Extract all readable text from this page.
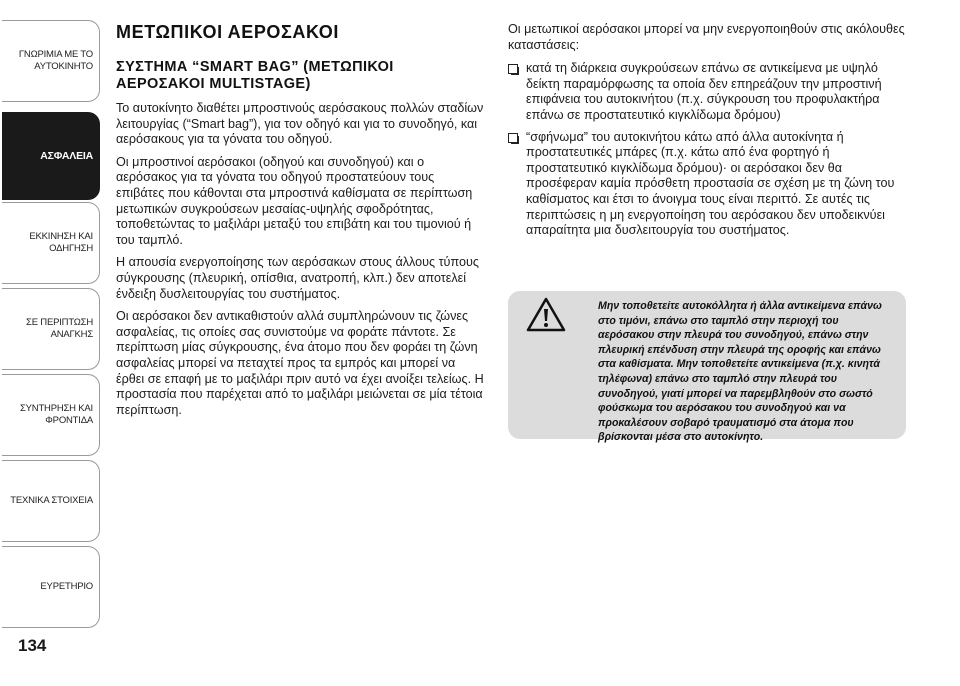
ΓΝΩΡΙΜΙΑ ΜΕ ΤΟ
ΑΥΤΟΚΙΝΗΤΟ
ΑΣΦΑΛΕΙΑ
ΕΚΚΙΝΗΣΗ ΚΑΙ
ΟΔΗΓΗΣΗ
ΣΕ ΠΕΡΙΠΤΩΣΗ
ΑΝΑΓΚΗΣ
ΣΥΝΤΗΡΗΣΗ ΚΑΙ
ΦΡΟΝΤΙΔΑ
ΤΕΧΝΙΚΑ ΣΤΟΙΧΕΙΑ
ΕΥΡΕΤΗΡΙΟ
134
ΜΕΤΩΠΙΚΟΙ ΑΕΡΟΣΑΚΟΙ
ΣΥΣΤΗΜΑ “SMART BAG” (ΜΕΤΩΠΙΚΟΙ ΑΕΡΟΣΑΚΟΙ MULTISTAGE)

Το αυτοκίνητο διαθέτει μπροστινούς αερόσακους πολλών σταδίων λειτουργίας (“Smart bag”), για τον οδηγό και για το συνοδηγό, και αερόσακους για τα γόνατα του οδηγού.

Οι μπροστινοί αερόσακοι (οδηγού και συνοδηγού) και ο αερόσακος για τα γόνατα του οδηγού προστατεύουν τους επιβάτες που κάθονται στα μπροστινά καθίσματα σε περίπτωση μετωπικών συγκρούσεων μεσαίας-υψηλής σφοδρότητας, τοποθετώντας το μαξιλάρι μεταξύ του επιβάτη και του τιμονιού ή του ταμπλό.

Η απουσία ενεργοποίησης των αερόσακων στους άλλους τύπους σύγκρουσης (πλευρική, οπίσθια, ανατροπή, κλπ.) δεν αποτελεί ένδειξη δυσλειτουργίας του συστήματος.

Οι αερόσακοι δεν αντικαθιστούν αλλά συμπληρώνουν τις ζώνες ασφαλείας, τις οποίες σας συνιστούμε να φοράτε πάντοτε. Σε περίπτωση μίας σύγκρουσης, ένα άτομο που δεν φοράει τη ζώνη ασφαλείας μπορεί να πεταχτεί προς τα εμπρός και μπορεί να έρθει σε επαφή με το μαξιλάρι πριν αυτό να έχει ανοίξει τελείως. Η προστασία που παρέχεται από το μαξιλάρι μειώνεται σε μία τέτοια περίπτωση.

Οι μετωπικοί αερόσακοι μπορεί να μην ενεργοποιηθούν στις ακόλουθες καταστάσεις:

κατά τη διάρκεια συγκρούσεων επάνω σε αντικείμενα με υψηλό δείκτη παραμόρφωσης τα οποία δεν επηρεάζουν την μπροστινή επιφάνεια του αυτοκινήτου (π.χ. σύγκρουση του προφυλακτήρα επάνω σε προστατευτικό κιγκλίδωμα δρόμου)
“σφήνωμα” του αυτοκινήτου κάτω από άλλα αυτοκίνητα ή προστατευτικές μπάρες (π.χ. κάτω από ένα φορτηγό ή προστατευτικό κιγκλίδωμα δρόμου)· οι αερόσακοι δεν θα προσέφεραν καμία πρόσθετη προστασία σε σχέση με τη ζώνη του καθίσματος και έτσι το άνοιγμα τους είναι περιττό. Σε αυτές τις περιπτώσεις η μη ενεργοποίηση του αερόσακου δεν υποδεικνύει απαραίτητα μια δυσλειτουργία του συστήματος.
Μην τοποθετείτε αυτοκόλλητα ή άλλα αντικείμενα επάνω στο τιμόνι, επάνω στο ταμπλό στην περιοχή του αερόσακου στην πλευρά του συνοδηγού, επάνω στην πλευρική επένδυση στην πλευρά της οροφής και επάνω στα καθίσματα. Μην τοποθετείτε αντικείμενα (π.χ. κινητά τηλέφωνα) επάνω στο ταμπλό στην πλευρά του συνοδηγού, γιατί μπορεί να παρεμβληθούν στο σωστό φούσκωμα του αερόσακου του συνοδηγού και να προκαλέσουν σοβαρό τραυματισμό στα άτομα που βρίσκονται μέσα στο αυτοκίνητο.
